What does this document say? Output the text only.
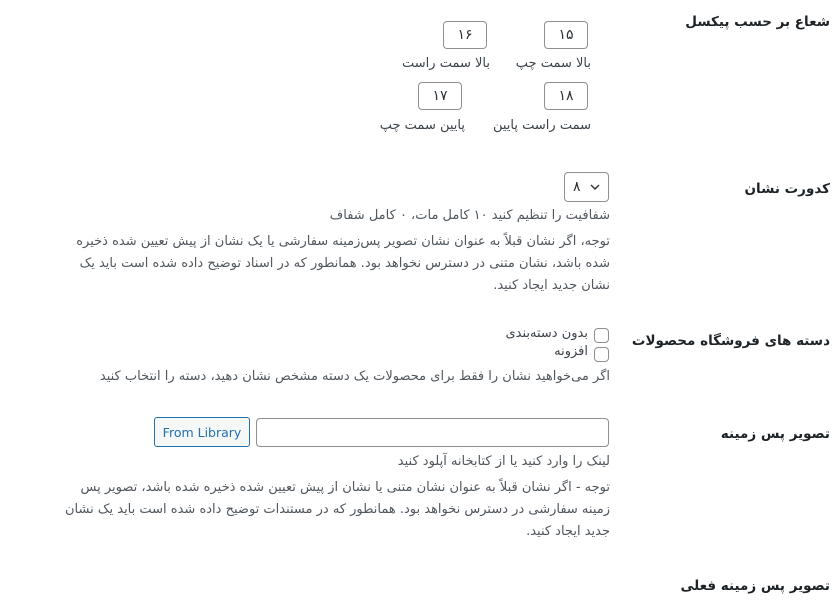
شعاع بر حسب پیکسل
۱۵
۱۶
بالا سمت چپ
بالا سمت راست
۱۸
۱۷
سمت راست پایین
پایین سمت چپ
کدورت نشان
۸
شفافیت را تنظیم کنید ۱۰ کامل مات، ۰ کامل شفاف
توجه، اگر نشان قبلاً به عنوان نشان تصویر پس‌زمینه سفارشی یا یک نشان از پیش تعیین شده ذخیره
شده باشد، نشان متنی در دسترس نخواهد بود. همانطور که در اسناد توضیح داده شده است باید یک
نشان جدید ایجاد کنید.
دسته های فروشگاه محصولات
بدون دسته‌بندی
افزونه
اگر می‌خواهید نشان را فقط برای محصولات یک دسته مشخص نشان دهید، دسته را انتخاب کنید
تصویر پس زمینه
From Library
لینک را وارد کنید یا از کتابخانه آپلود کنید
توجه - اگر نشان قبلاً به عنوان نشان متنی یا نشان از پیش تعیین شده ذخیره شده باشد، تصویر پس
زمینه سفارشی در دسترس نخواهد بود. همانطور که در مستندات توضیح داده شده است باید یک نشان
جدید ایجاد کنید.
تصویر پس زمینه فعلی
